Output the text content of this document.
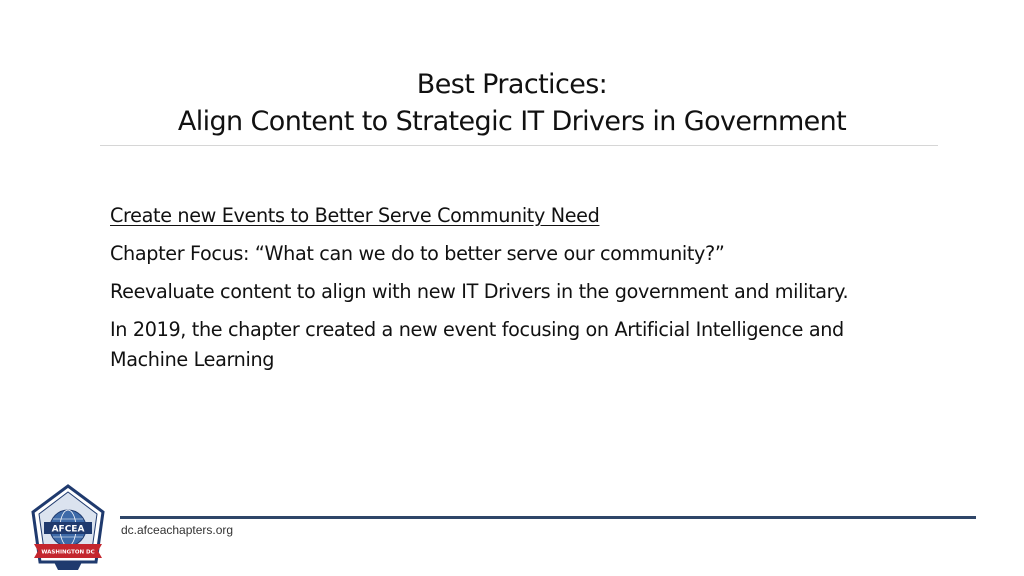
Best Practices:
Align Content to Strategic IT Drivers in Government

Create new Events to Better Serve Community Need

Chapter Focus: “What can we do to better serve our community?”

Reevaluate content to align with new IT Drivers in the government and military.

In 2019, the chapter created a new event focusing on Artificial Intelligence and Machine Learning

AFCEA
WASHINGTON DC
dc.afceachapters.org
